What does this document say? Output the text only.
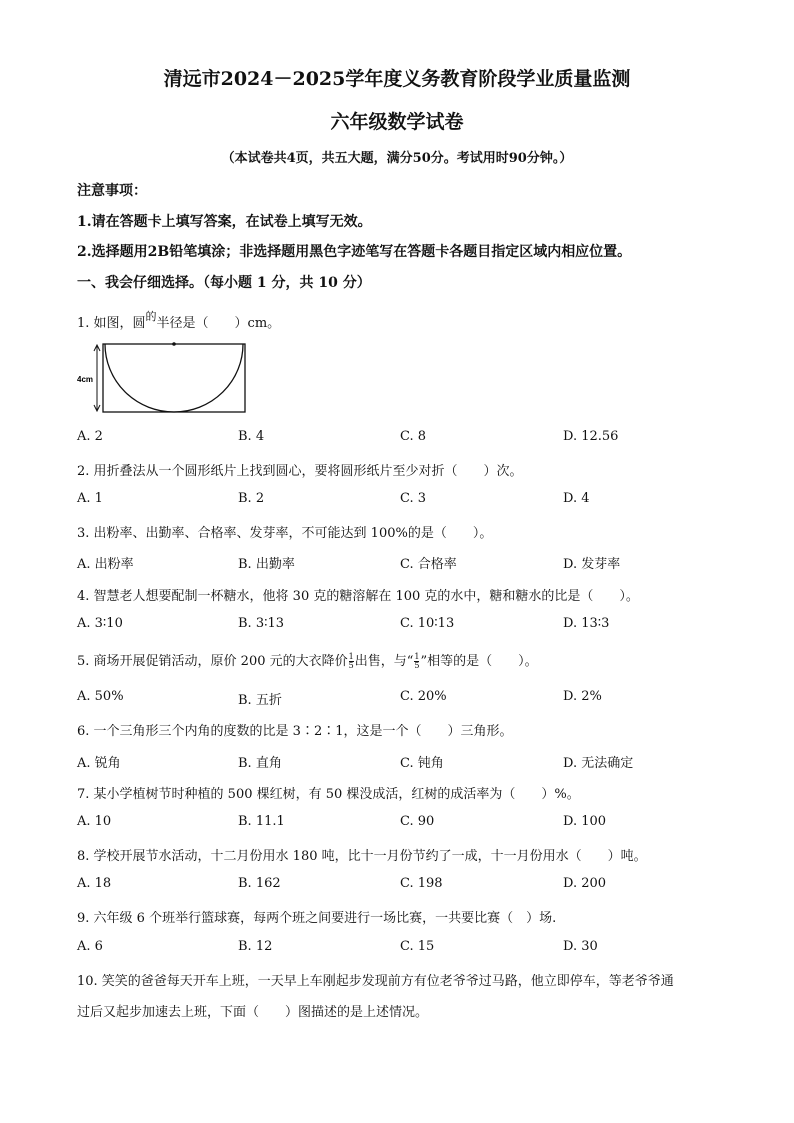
清远市2024－2025学年度义务教育阶段学业质量监测
六年级数学试卷
（本试卷共4页，共五大题，满分50分。考试用时90分钟。）
注意事项：
1.请在答题卡上填写答案，在试卷上填写无效。
2.选择题用2B铅笔填涂；非选择题用黑色字迹笔写在答题卡各题目指定区域内相应位置。
一、我会仔细选择。（每小题 1 分，共 10 分）
1. 如图，圆$^的$半径是（　　）cm。
4cm
A. 2	B. 4	C. 8	D. 12.56
2. 用折叠法从一个圆形纸片上找到圆心，要将圆形纸片至少对折（　　）次。
A. 1	B. 2	C. 3	D. 4
3. 出粉率、出勤率、合格率、发芽率，不可能达到 100%的是（　　）。
A. 出粉率	B. 出勤率	C. 合格率	D. 发芽率
4. 智慧老人想要配制一杯糖水，他将 30 克的糖溶解在 100 克的水中，糖和糖水的比是（　　）。
A. 3∶10	B. 3∶13	C. 10∶13	D. 13∶3
5. 商场开展促销活动，原价 200 元的大衣降价 $\frac{1}{5}$ 出售，与“ $\frac{1}{5}$ ”相等的是（　　）。
A. 50%	B. 五折	C. 20%	D. 2%
6. 一个三角形三个内角的度数的比是 3∶2∶1，这是一个（　　）三角形。
A. 锐角	B. 直角	C. 钝角	D. 无法确定
7. 某小学植树节时种植的 500 棵红树，有 50 棵没成活，红树的成活率为（　　）%。
A. 10	B. 11.1	C. 90	D. 100
8. 学校开展节水活动，十二月份用水 180 吨，比十一月份节约了一成，十一月份用水（　　）吨。
A. 18	B. 162	C. 198	D. 200
9. 六年级 6 个班举行篮球赛，每两个班之间要进行一场比赛，一共要比赛（　）场.
A. 6	B. 12	C. 15	D. 30
10. 笑笑的爸爸每天开车上班，一天早上车刚起步发现前方有位老爷爷过马路，他立即停车，等老爷爷通
过后又起步加速去上班，下面（　　）图描述的是上述情况。
